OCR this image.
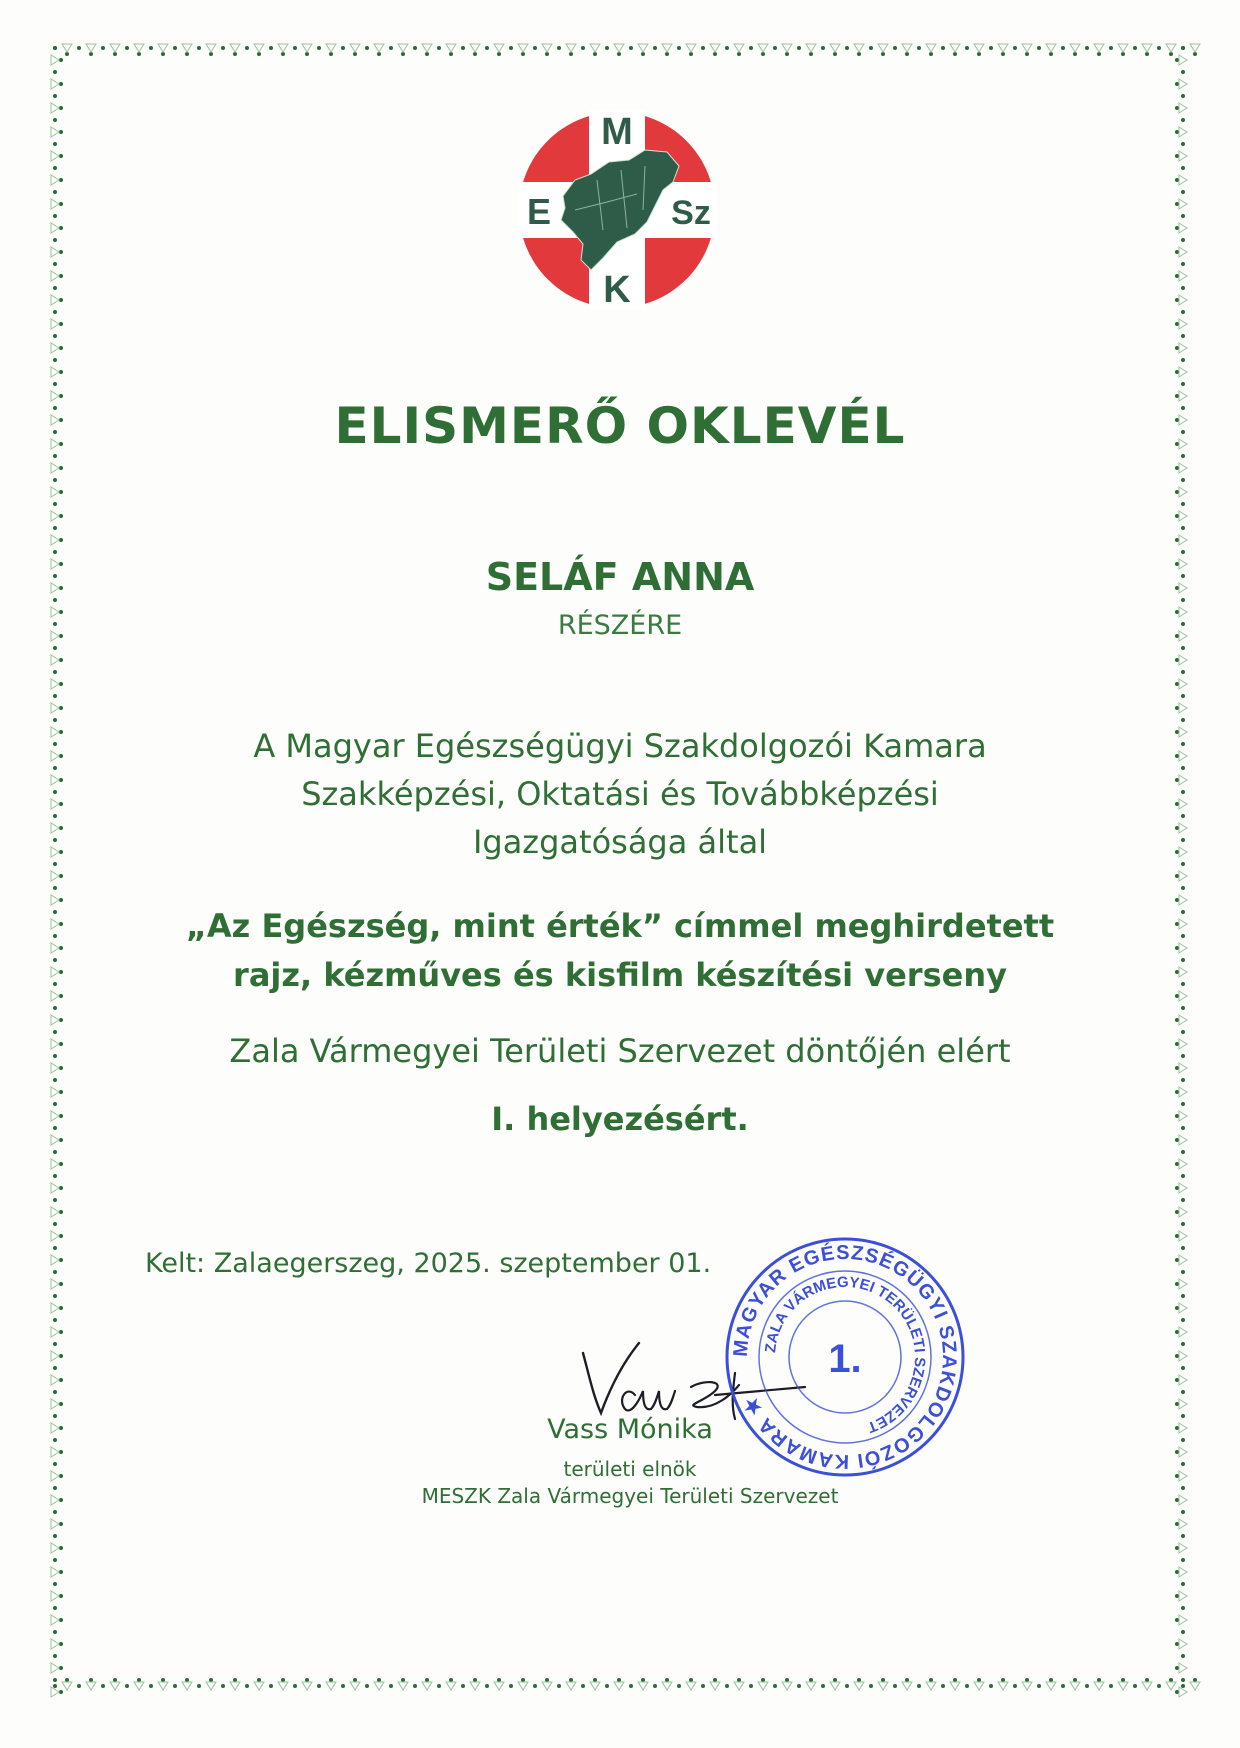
M
E	Sz
K
ELISMERŐ OKLEVÉL
SELÁF ANNA
RÉSZÉRE
A Magyar Egészségügyi Szakdolgozói Kamara
Szakképzési, Oktatási és Továbbképzési
Igazgatósága által
„Az Egészség, mint érték” címmel meghirdetett
rajz, kézműves és kisfilm készítési verseny
Zala Vármegyei Területi Szervezet döntőjén elért
I. helyezésért.
Kelt: Zalaegerszeg, 2025. szeptember 01.
Vass Mónika
területi elnök
MESZK Zala Vármegyei Területi Szervezet
MAGYAR EGÉSZSÉGÜGYI SZAKDOLGOZÓI KAMARA ★
ZALA VÁRMEGYEI TERÜLETI SZERVEZET
1.
